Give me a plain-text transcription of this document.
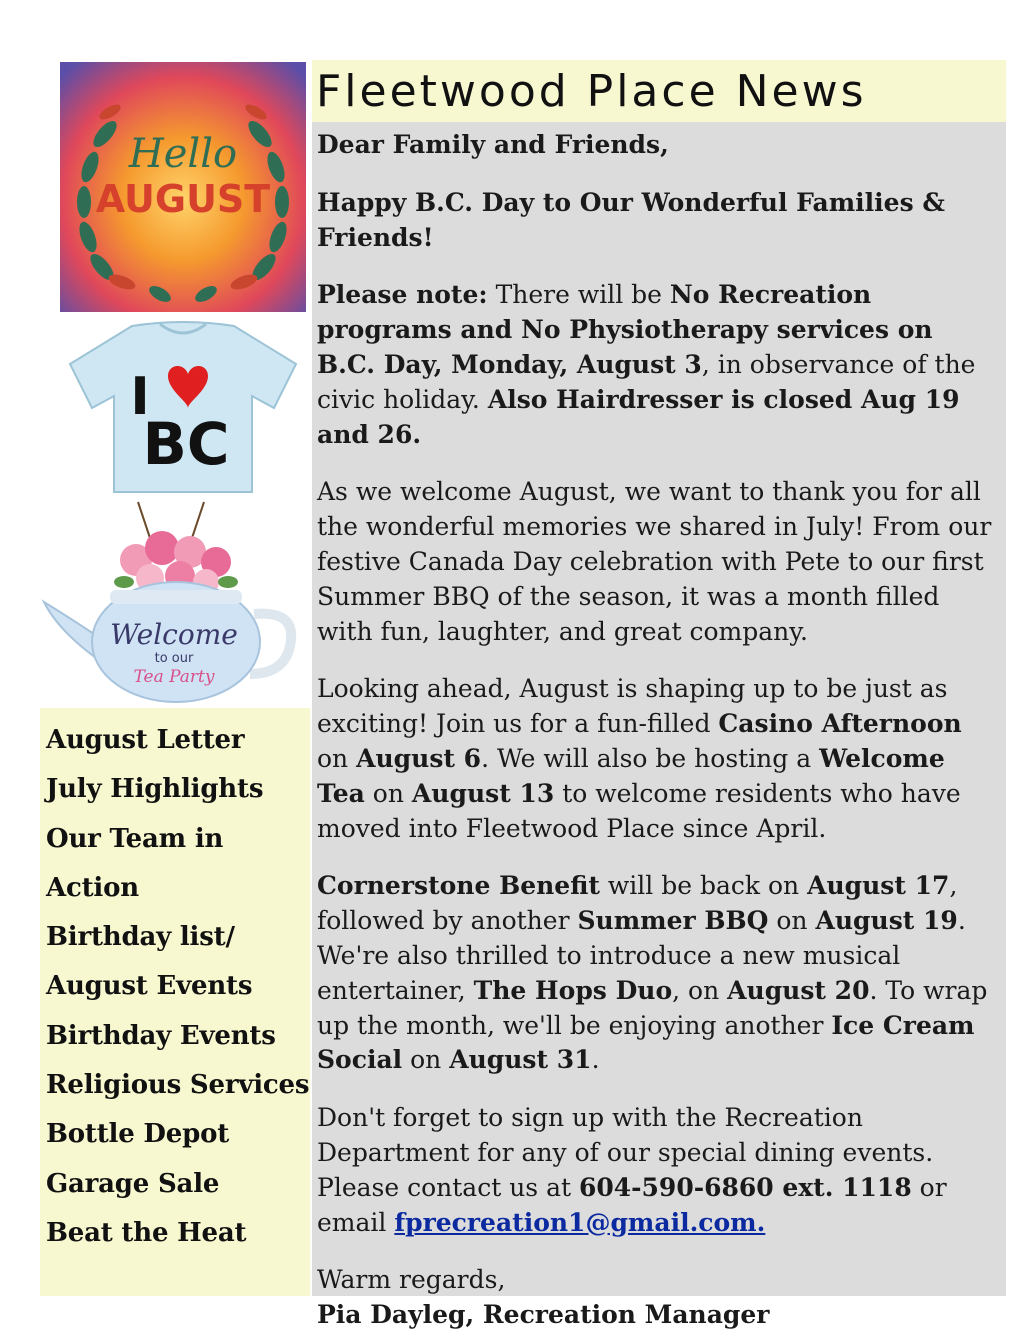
Hello
AUGUST
I
BC
Welcome
to our
Tea Party
August Letter
July Highlights
Our Team in
Action
Birthday list/
August Events
Birthday Events
Religious Services
Bottle Depot
Garage Sale
Beat the Heat
Fleetwood Place News

Dear Family and Friends,

Happy B.C. Day to Our Wonderful Families & Friends!

Please note: There will be No Recreation programs and No Physiotherapy services on B.C. Day, Monday, August 3, in observance of the civic holiday. Also Hairdresser is closed Aug 19 and 26.

As we welcome August, we want to thank you for all the wonderful memories we shared in July! From our festive Canada Day celebration with Pete to our first Summer BBQ of the season, it was a month filled with fun, laughter, and great company.

Looking ahead, August is shaping up to be just as exciting! Join us for a fun-filled Casino Afternoon on August 6. We will also be hosting a Welcome Tea on August 13 to welcome residents who have moved into Fleetwood Place since April.

Cornerstone Benefit will be back on August 17, followed by another Summer BBQ on August 19. We're also thrilled to introduce a new musical entertainer, The Hops Duo, on August 20. To wrap up the month, we'll be enjoying another Ice Cream Social on August 31.

Don't forget to sign up with the Recreation Department for any of our special dining events. Please contact us at 604-590-6860 ext. 1118 or email fprecreation1@gmail.com.

Warm regards,
Pia Dayleg, Recreation Manager
